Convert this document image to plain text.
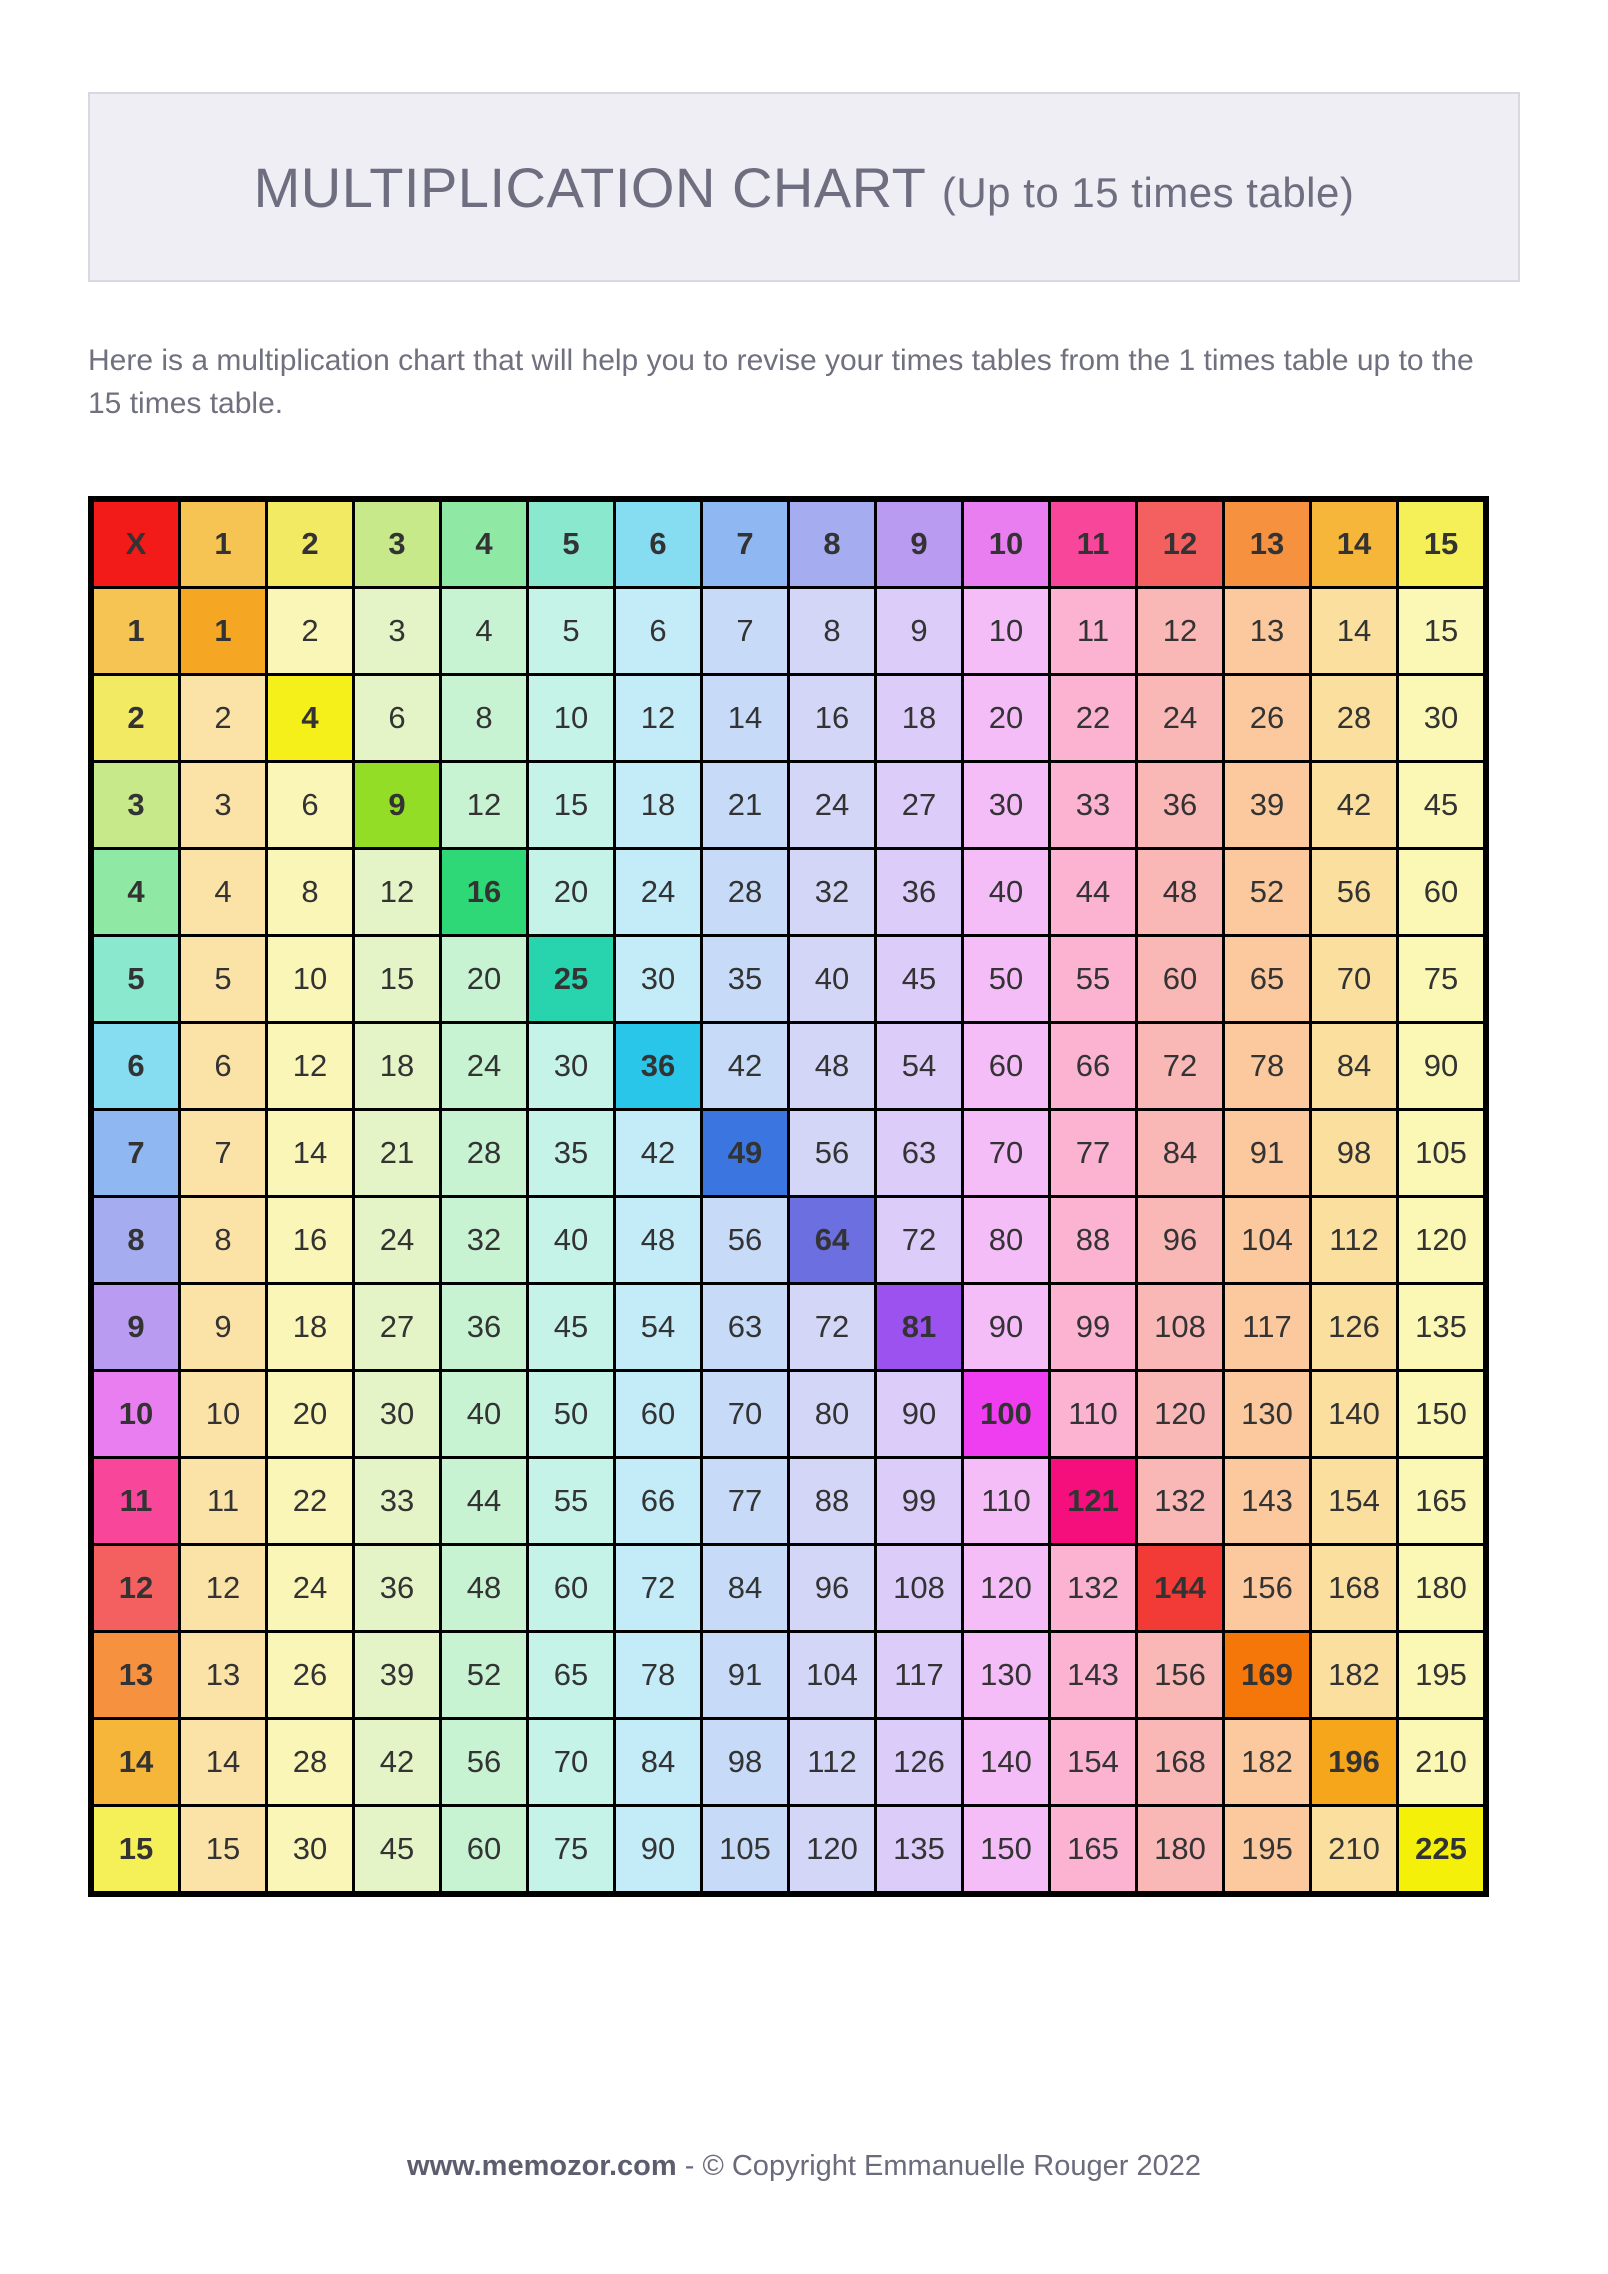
MULTIPLICATION CHART (Up to 15 times table)
Here is a multiplication chart that will help you to revise your times tables from the 1 times table up to the 15 times table.
X	1	2	3	4	5	6	7	8	9	10	11	12	13	14	15
1	1	2	3	4	5	6	7	8	9	10	11	12	13	14	15
2	2	4	6	8	10	12	14	16	18	20	22	24	26	28	30
3	3	6	9	12	15	18	21	24	27	30	33	36	39	42	45
4	4	8	12	16	20	24	28	32	36	40	44	48	52	56	60
5	5	10	15	20	25	30	35	40	45	50	55	60	65	70	75
6	6	12	18	24	30	36	42	48	54	60	66	72	78	84	90
7	7	14	21	28	35	42	49	56	63	70	77	84	91	98	105
8	8	16	24	32	40	48	56	64	72	80	88	96	104	112	120
9	9	18	27	36	45	54	63	72	81	90	99	108	117	126	135
10	10	20	30	40	50	60	70	80	90	100	110	120	130	140	150
11	11	22	33	44	55	66	77	88	99	110	121	132	143	154	165
12	12	24	36	48	60	72	84	96	108	120	132	144	156	168	180
13	13	26	39	52	65	78	91	104	117	130	143	156	169	182	195
14	14	28	42	56	70	84	98	112	126	140	154	168	182	196	210
15	15	30	45	60	75	90	105	120	135	150	165	180	195	210	225
www.memozor.com - © Copyright Emmanuelle Rouger 2022
